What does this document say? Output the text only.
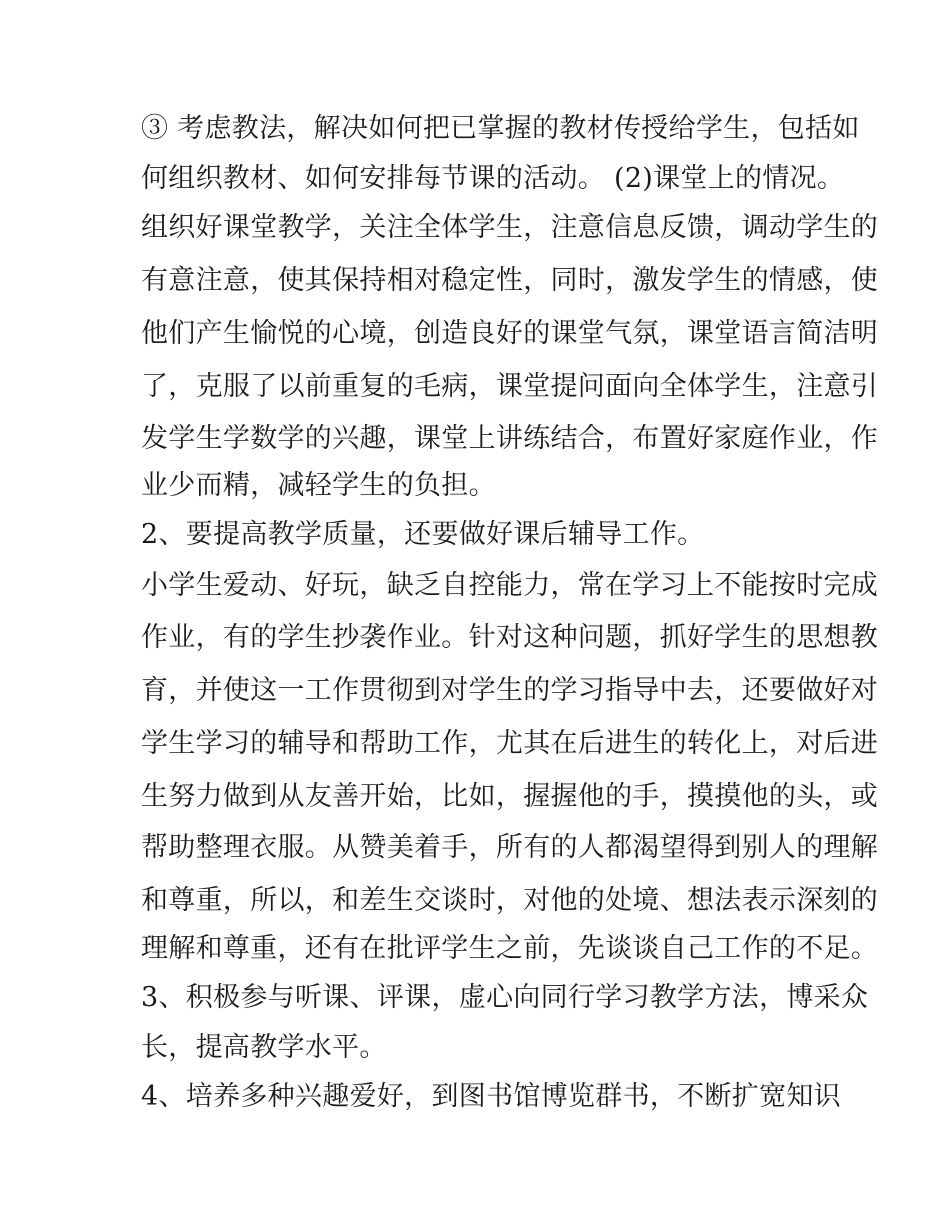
③ 考虑教法，解决如何把已掌握的教材传授给学生，包括如
何组织教材、如何安排每节课的活动。 (2)课堂上的情况。
组织好课堂教学，关注全体学生，注意信息反馈，调动学生的
有意注意，使其保持相对稳定性，同时，激发学生的情感，使
他们产生愉悦的心境，创造良好的课堂气氛，课堂语言简洁明
了，克服了以前重复的毛病，课堂提问面向全体学生，注意引
发学生学数学的兴趣，课堂上讲练结合，布置好家庭作业，作
业少而精，减轻学生的负担。
2、要提高教学质量，还要做好课后辅导工作。
小学生爱动、好玩，缺乏自控能力，常在学习上不能按时完成
作业，有的学生抄袭作业。针对这种问题，抓好学生的思想教
育，并使这一工作贯彻到对学生的学习指导中去，还要做好对
学生学习的辅导和帮助工作，尤其在后进生的转化上，对后进
生努力做到从友善开始，比如，握握他的手，摸摸他的头，或
帮助整理衣服。从赞美着手，所有的人都渴望得到别人的理解
和尊重，所以，和差生交谈时，对他的处境、想法表示深刻的
理解和尊重，还有在批评学生之前，先谈谈自己工作的不足。
3、积极参与听课、评课，虚心向同行学习教学方法，博采众
长，提高教学水平。
4、培养多种兴趣爱好，到图书馆博览群书，不断扩宽知识
